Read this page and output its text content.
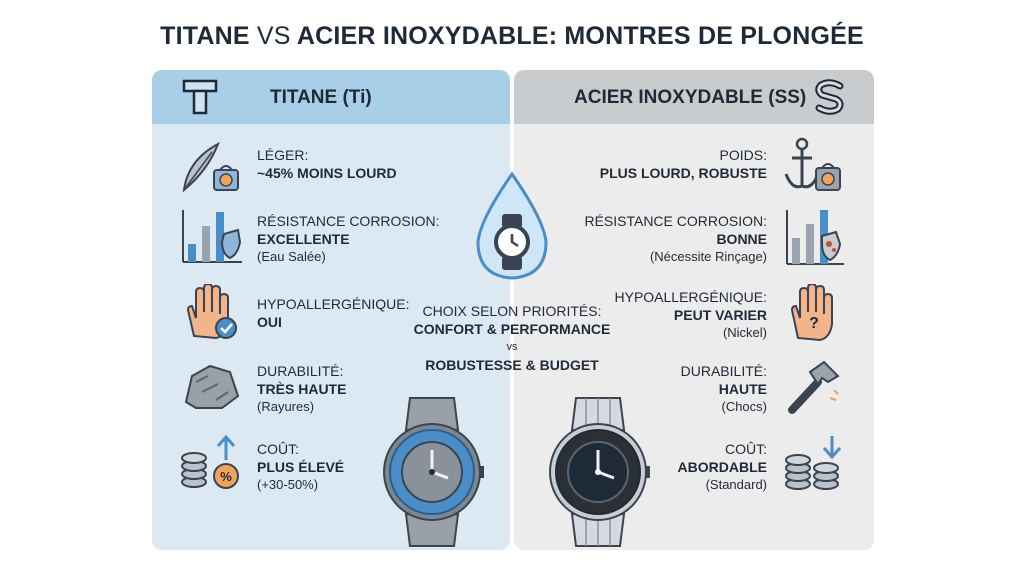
TITANE VS ACIER INOXYDABLE: MONTRES DE PLONGÉE
TITANE (Ti)	ACIER INOXYDABLE (SS)
%
?
LÉGER:
~45% MOINS LOURD
RÉSISTANCE CORROSION:
EXCELLENTE
(Eau Salée)
HYPOALLERGÉNIQUE:
OUI
DURABILITÉ:
TRÈS HAUTE
(Rayures)
COÛT:
PLUS ÉLEVÉ
(+30-50%)
POIDS:
PLUS LOURD, ROBUSTE
RÉSISTANCE CORROSION:
BONNE
(Nécessite Rinçage)
HYPOALLERGÉNIQUE:
PEUT VARIER
(Nickel)
DURABILITÉ:
HAUTE
(Chocs)
COÛT:
ABORDABLE
(Standard)
CHOIX SELON PRIORITÉS:
CONFORT & PERFORMANCE
vs
ROBUSTESSE & BUDGET
